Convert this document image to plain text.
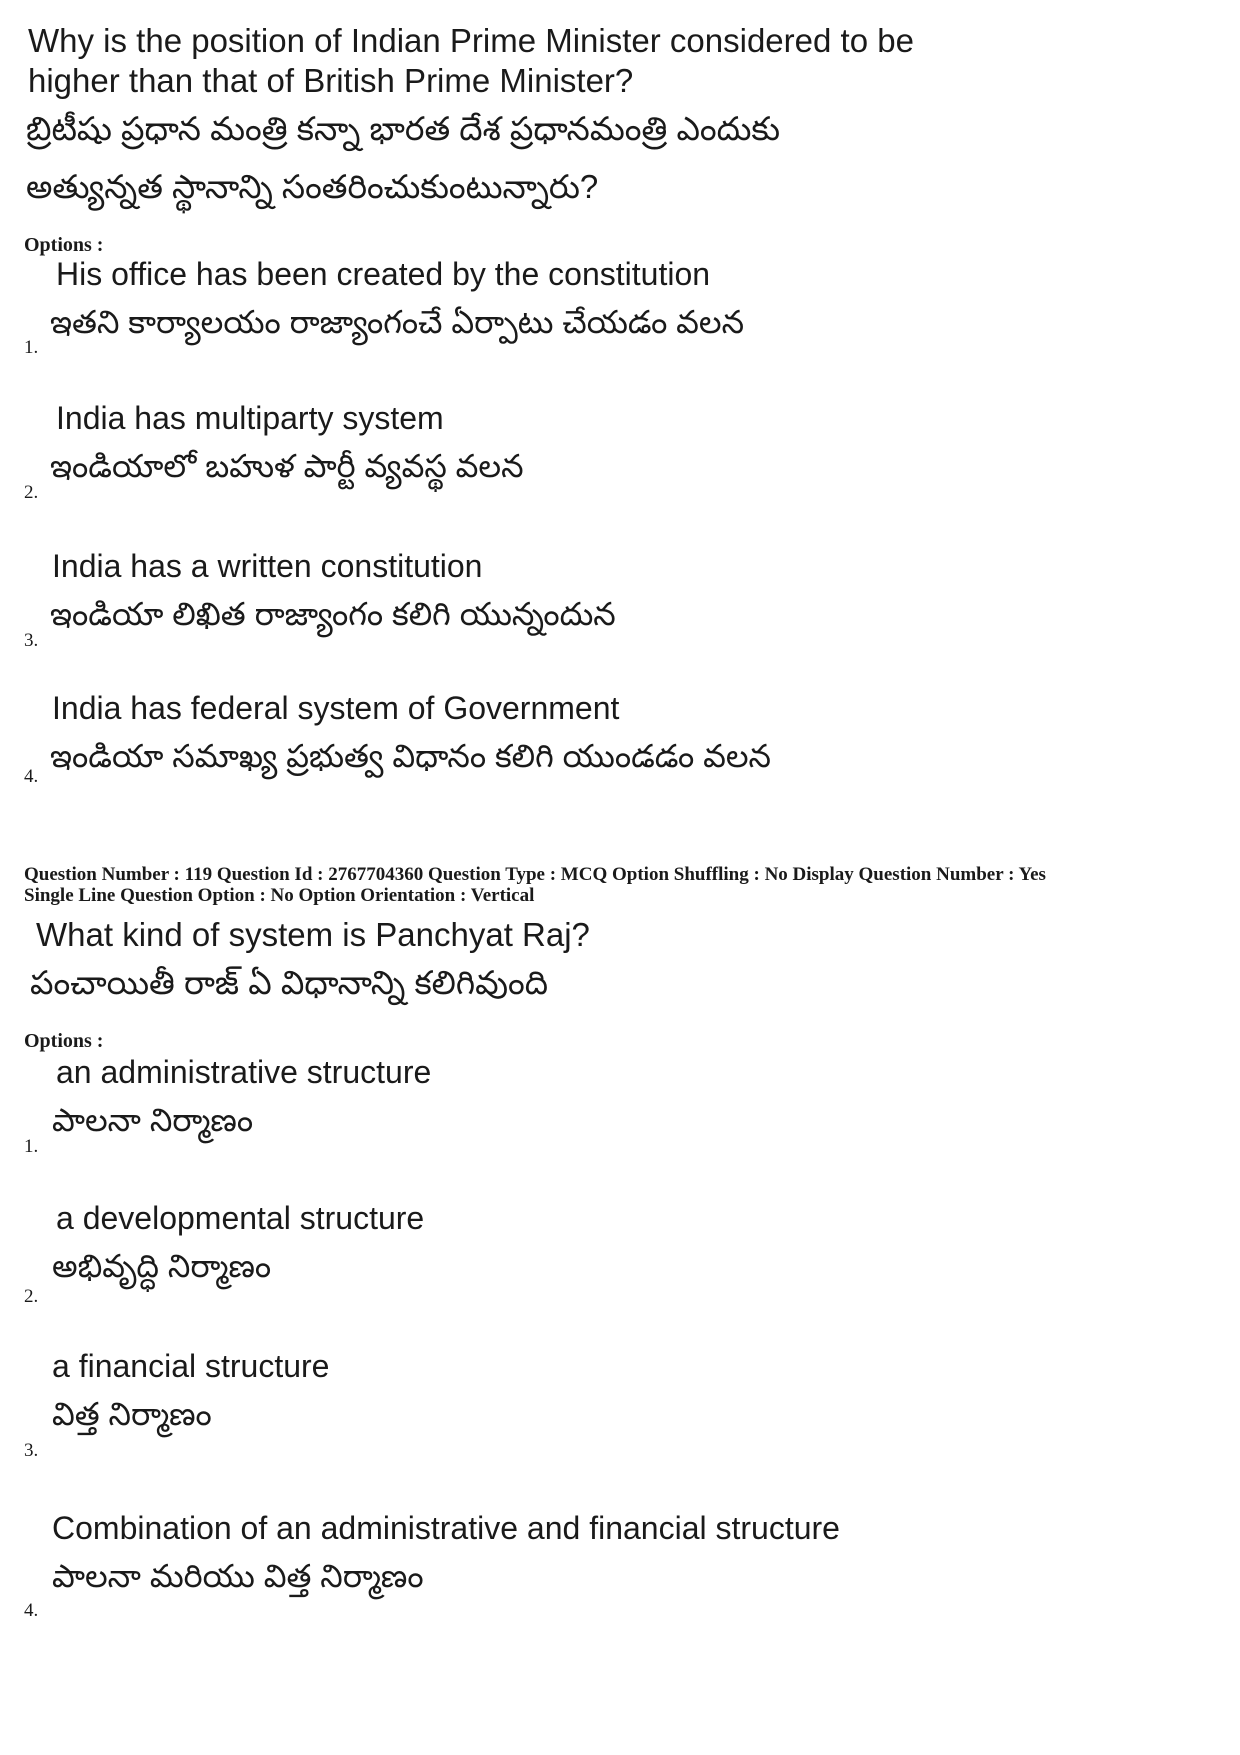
Why is the position of Indian Prime Minister considered to be
higher than that of British Prime Minister?
బ్రిటీషు ప్రధాన మంత్రి కన్నా భారత దేశ ప్రధానమంత్రి ఎందుకు
అత్యున్నత స్థానాన్ని సంతరించుకుంటున్నారు?
Options :
His office has been created by the constitution
ఇతని కార్యాలయం రాజ్యాంగంచే ఏర్పాటు చేయడం వలన
1.
India has multiparty system
ఇండియాలో బహుళ పార్టీ వ్యవస్థ వలన
2.
India has a written constitution
ఇండియా లిఖిత రాజ్యాంగం కలిగి యున్నందున
3.
India has federal system of Government
ఇండియా సమాఖ్య ప్రభుత్వ విధానం కలిగి యుండడం వలన
4.
Question Number : 119 Question Id : 2767704360 Question Type : MCQ Option Shuffling : No Display Question Number : Yes
Single Line Question Option : No Option Orientation : Vertical
What kind of system is Panchyat Raj?
పంచాయితీ రాజ్ ఏ విధానాన్ని కలిగివుంది
Options :
an administrative structure
పాలనా నిర్మాణం
1.
a developmental structure
అభివృద్ధి నిర్మాణం
2.
a financial structure
విత్త నిర్మాణం
3.
Combination of an administrative and financial structure
పాలనా మరియు విత్త నిర్మాణం
4.
